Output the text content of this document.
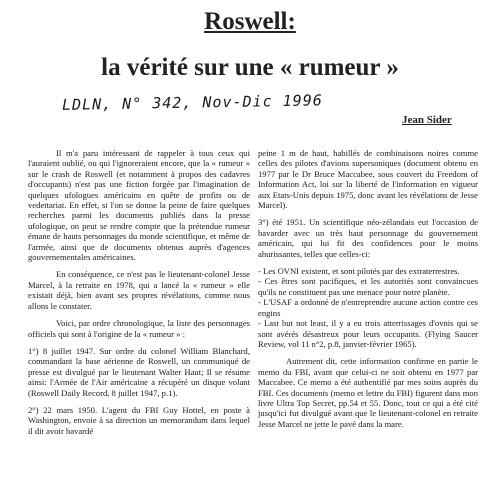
Roswell:
la vérité sur une « rumeur »
LDLN, N° 342, Nov-Dic 1996
Jean Sider

Il m'a paru intéressant de rappeler à tous ceux qui l'auraient oublié, ou qui l'ignoreraient encore, que la « rumeur » sur le crash de Roswell (et notamment à propos des cadavres d'occupants) n'est pas une fiction forgée par l'imagination de quelques ufologues américains en quête de profits ou de vedettariat. En effet, si l'on se donne la peine de faire quelques recherches parmi les documents publiés dans la presse ufologique, on peut se rendre compte que la prétendue rumeur émane de hauts personnages du monde scientifique, et même de l'armée, ainsi que de documents obtenus auprès d'agences gouvernementales américaines.

En conséquence, ce n'est pas le lieutenant-colonel Jesse Marcel, à la retraite en 1978, qui a lancé la « rumeur » elle existait déjà, bien avant ses propres révélations, comme nous allons le constater.

Voici, par ordre chronologique, la liste des personnages officiels qui sont à l'origine de la « rumeur » :

1°) 8 juillet 1947. Sur ordre du colonel William Blanchard, commandant la base aérienne de Roswell, un communiqué de presse est divulgué par le lieutenant Walter Haut; Il se résume ainsi: l'Armée de l'Air américaine a récupéré un disque volant (Roswell Daily Record, 8 juillet 1947, p.1).

2°) 22 mars 1950. L'agent du FBI Guy Hottel, en poste à Washington, envoie à sa direction un memorandum dans lequel il dit avoir bavardé

peine 1 m de haut, habillés de combinaisons noires comme celles des pilotes d'avions supersoniques (document obtenu en 1977 par le Dr Bruce Maccabee, sous couvert du Freedom of Information Act, loi sur la liberté de l'information en vigueur aux Etats-Unis depuis 1975, donc avant les révélations de Jesse Marcel).

3°) été 1951. Un scientifique néo-zélandais eut l'occasion de bavarder avec un très haut personnage du gouvernement américain, qui lui fit des confidences pour le moins ahurissantes, telles que celles-ci:

- Les OVNI existent, et sont pilotés par des extraterrestres.

- Ces êtres sont pacifiques, et les autorités sont convaincues qu'ils ne constituent pas une menace pour notre planète.

- L'USAF a ordonné de n'entreprendre aucune action contre ces engins

- Last but not least, il y a eu trois atterrissages d'ovnis qui se sont avérés désastreux pour leurs occupants. (Flying Saucer Review, vol 11 n°2, p.8, janvier-février 1965).

Autrement dit, cette information confirme en partie le memo du FBI, avant que celui-ci ne soit obtenu en 1977 par Maccabee. Ce memo a été authentifié par mes soins auprès du FBI. Ces documents (memo et lettre du FBI) figurent dans mon livre Ultra Top Secret, pp.54 et 55. Donc, tout ce qui a été cité jusqu'ici fut divulgué avant que le lieutenant-colonel en retraite Jesse Marcel ne jette le pavé dans la mare.
